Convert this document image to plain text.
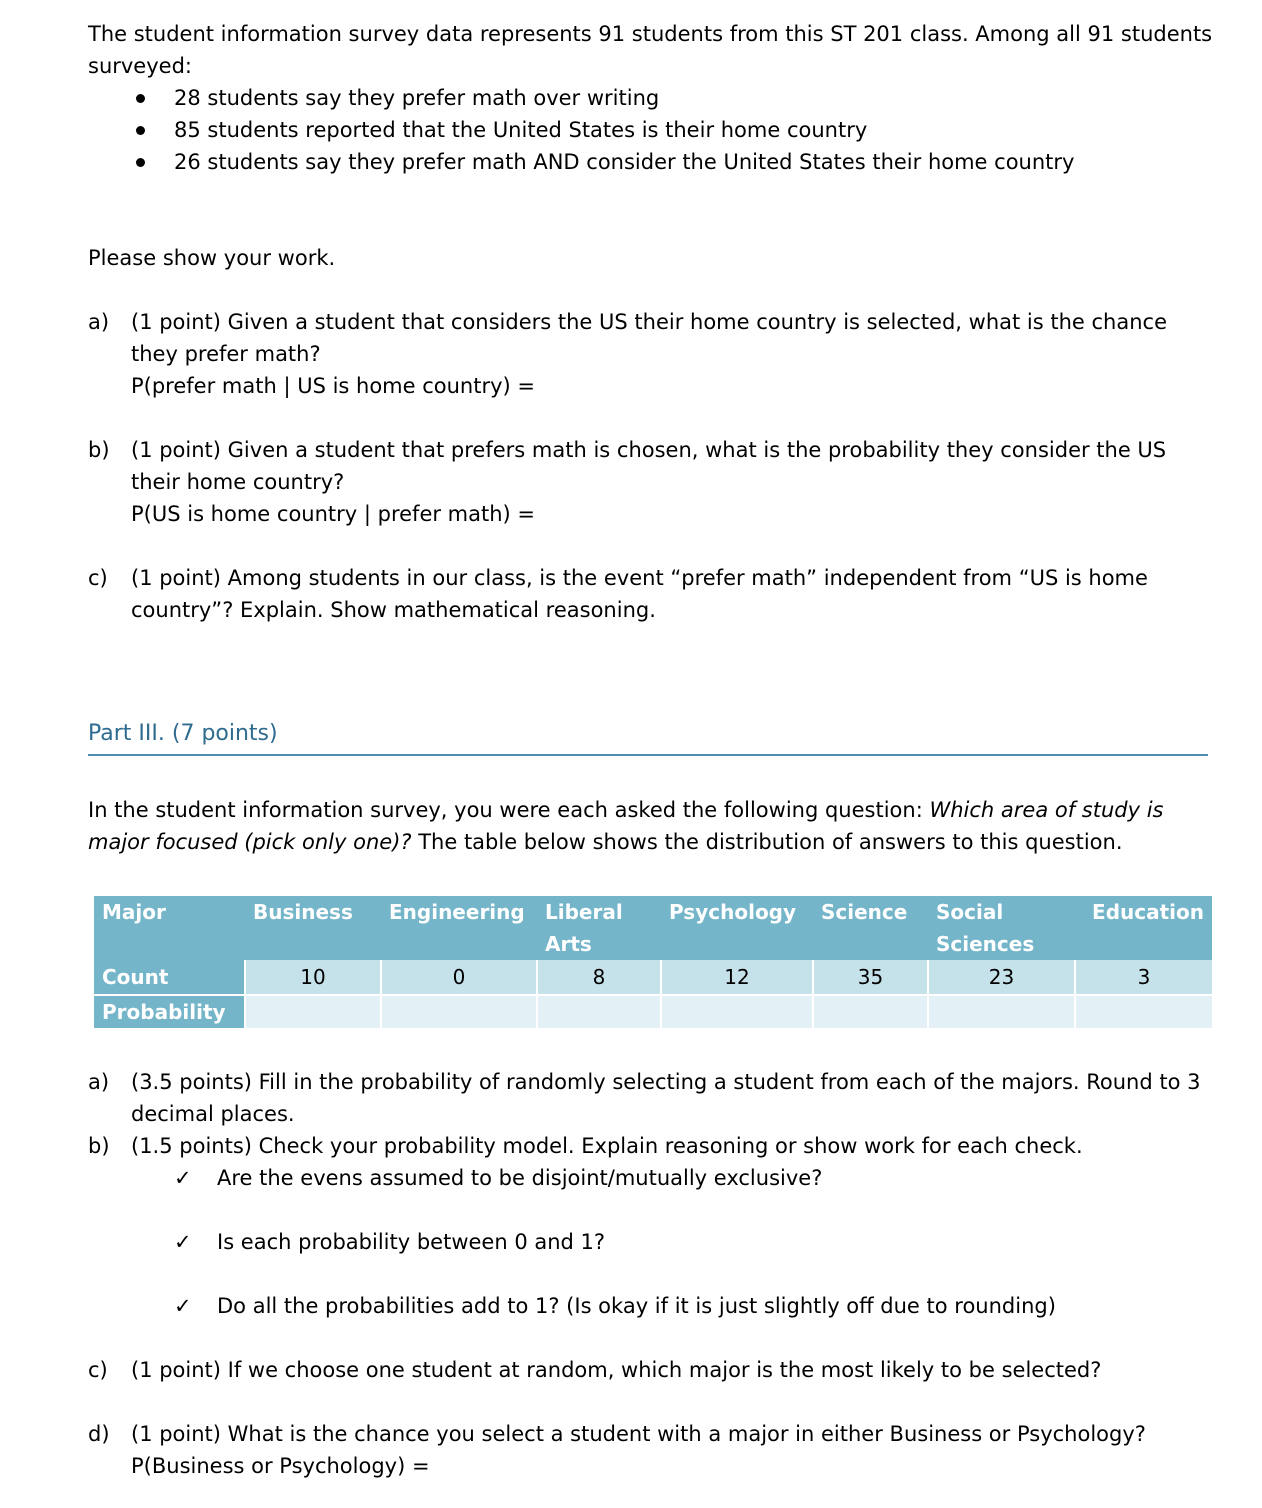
The student information survey data represents 91 students from this ST 201 class. Among all 91 students surveyed:

28 students say they prefer math over writing
85 students reported that the United States is their home country
26 students say they prefer math AND consider the United States their home country

Please show your work.

a) (1 point) Given a student that considers the US their home country is selected, what is the chance they prefer math?

P(prefer math | US is home country) =

b) (1 point) Given a student that prefers math is chosen, what is the probability they consider the US their home country?

P(US is home country | prefer math) =

c) (1 point) Among students in our class, is the event “prefer math” independent from “US is home country”? Explain. Show mathematical reasoning.

Part III. (7 points)

In the student information survey, you were each asked the following question: Which area of study is major focused (pick only one)? The table below shows the distribution of answers to this question.

Major	Business	Engineering	Liberal Arts	Psychology	Science	Social Sciences	Education
Count	10	0	8	12	35	23	3
Probability							
a) (3.5 points) Fill in the probability of randomly selecting a student from each of the majors. Round to 3 decimal places.

b) (1.5 points) Check your probability model. Explain reasoning or show work for each check.

✓ Are the evens assumed to be disjoint/mutually exclusive?

✓ Is each probability between 0 and 1?

✓ Do all the probabilities add to 1? (Is okay if it is just slightly off due to rounding)

c) (1 point) If we choose one student at random, which major is the most likely to be selected?

d) (1 point) What is the chance you select a student with a major in either Business or Psychology?

P(Business or Psychology) =
